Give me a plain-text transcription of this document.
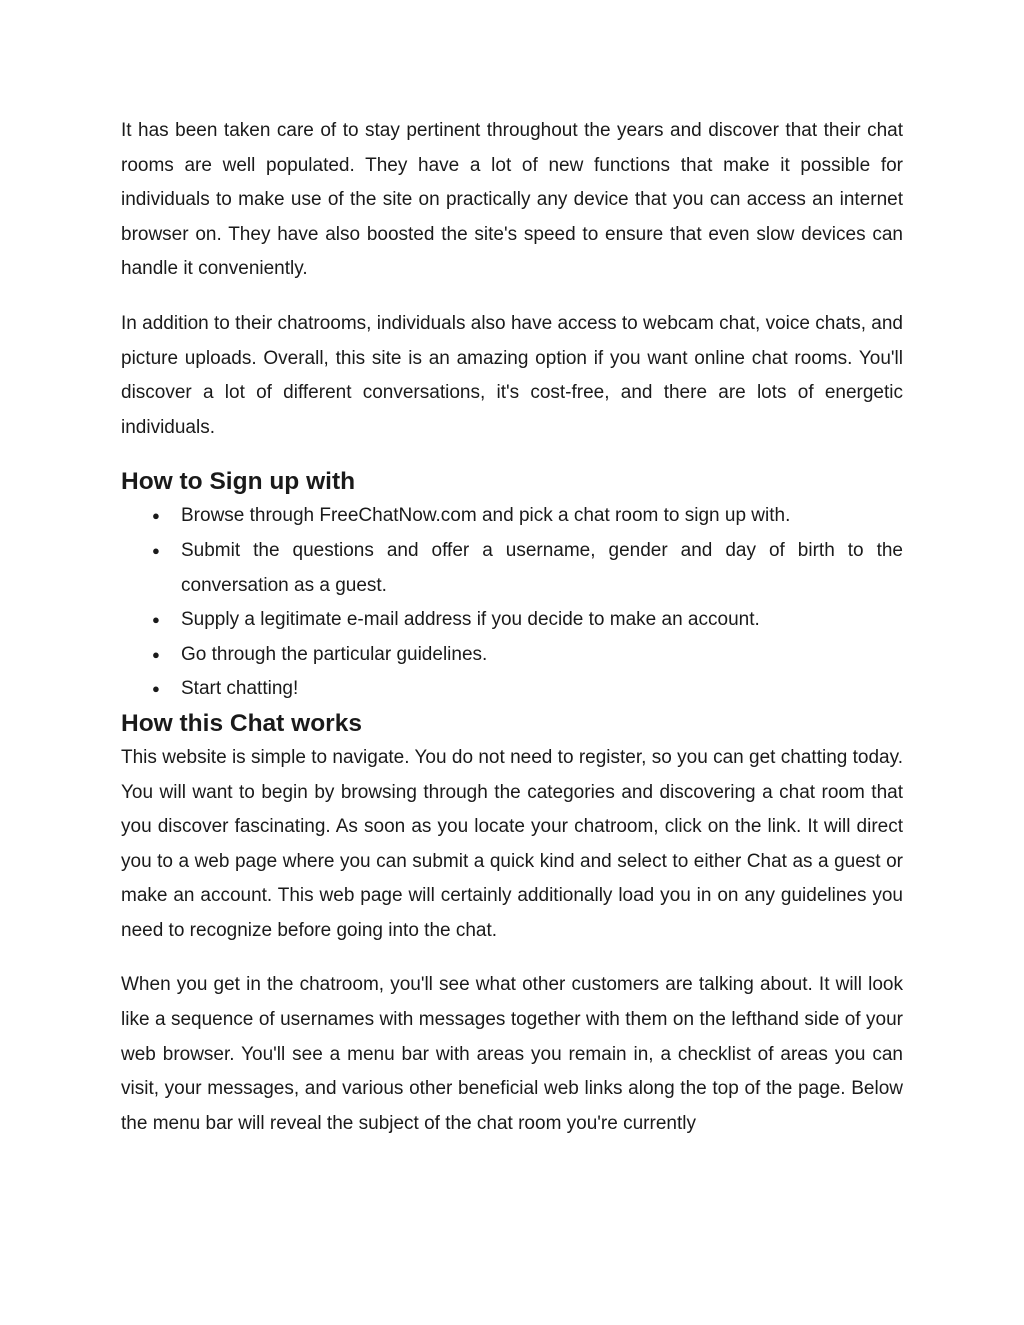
It has been taken care of to stay pertinent throughout the years and discover that their chat rooms are well populated. They have a lot of new functions that make it possible for individuals to make use of the site on practically any device that you can access an internet browser on. They have also boosted the site's speed to ensure that even slow devices can handle it conveniently.

In addition to their chatrooms, individuals also have access to webcam chat, voice chats, and picture uploads. Overall, this site is an amazing option if you want online chat rooms. You'll discover a lot of different conversations, it's cost-free, and there are lots of energetic individuals.

How to Sign up with
● Browse through FreeChatNow.com and pick a chat room to sign up with.
● Submit the questions and offer a username, gender and day of birth to the conversation as a guest.
● Supply a legitimate e-mail address if you decide to make an account.
● Go through the particular guidelines.
● Start chatting!
How this Chat works

This website is simple to navigate. You do not need to register, so you can get chatting today. You will want to begin by browsing through the categories and discovering a chat room that you discover fascinating. As soon as you locate your chatroom, click on the link. It will direct you to a web page where you can submit a quick kind and select to either Chat as a guest or make an account. This web page will certainly additionally load you in on any guidelines you need to recognize before going into the chat.

When you get in the chatroom, you'll see what other customers are talking about. It will look like a sequence of usernames with messages together with them on the lefthand side of your web browser. You'll see a menu bar with areas you remain in, a checklist of areas you can visit, your messages, and various other beneficial web links along the top of the page. Below the menu bar will reveal the subject of the chat room you're currently
